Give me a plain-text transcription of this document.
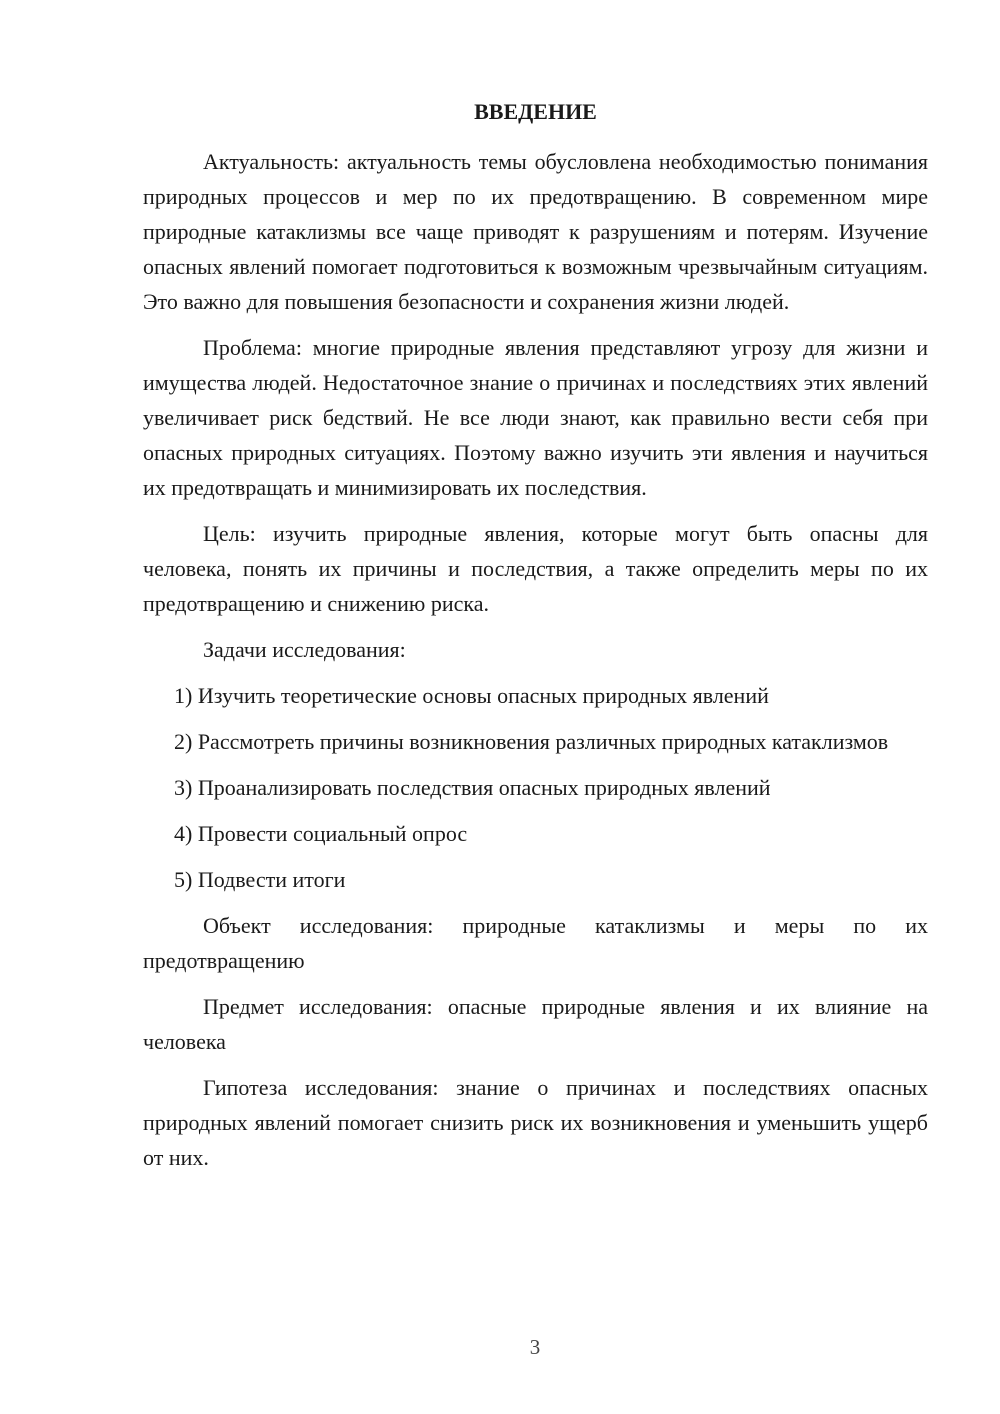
ВВЕДЕНИЕ

Актуальность: актуальность темы обусловлена необходимостью понимания природных процессов и мер по их предотвращению. В современном мире природные катаклизмы все чаще приводят к разрушениям и потерям. Изучение опасных явлений помогает подготовиться к возможным чрезвычайным ситуациям. Это важно для повышения безопасности и сохранения жизни людей.

Проблема: многие природные явления представляют угрозу для жизни и имущества людей. Недостаточное знание о причинах и последствиях этих явлений увеличивает риск бедствий. Не все люди знают, как правильно вести себя при опасных природных ситуациях. Поэтому важно изучить эти явления и научиться их предотвращать и минимизировать их последствия.

Цель: изучить природные явления, которые могут быть опасны для человека, понять их причины и последствия, а также определить меры по их предотвращению и снижению риска.

Задачи исследования:

1) Изучить теоретические основы опасных природных явлений

2) Рассмотреть причины возникновения различных природных катаклизмов

3) Проанализировать последствия опасных природных явлений

4) Провести социальный опрос

5) Подвести итоги

Объект исследования: природные катаклизмы и меры по их предотвращению

Предмет исследования: опасные природные явления и их влияние на человека

Гипотеза исследования: знание о причинах и последствиях опасных природных явлений помогает снизить риск их возникновения и уменьшить ущерб от них.

3
